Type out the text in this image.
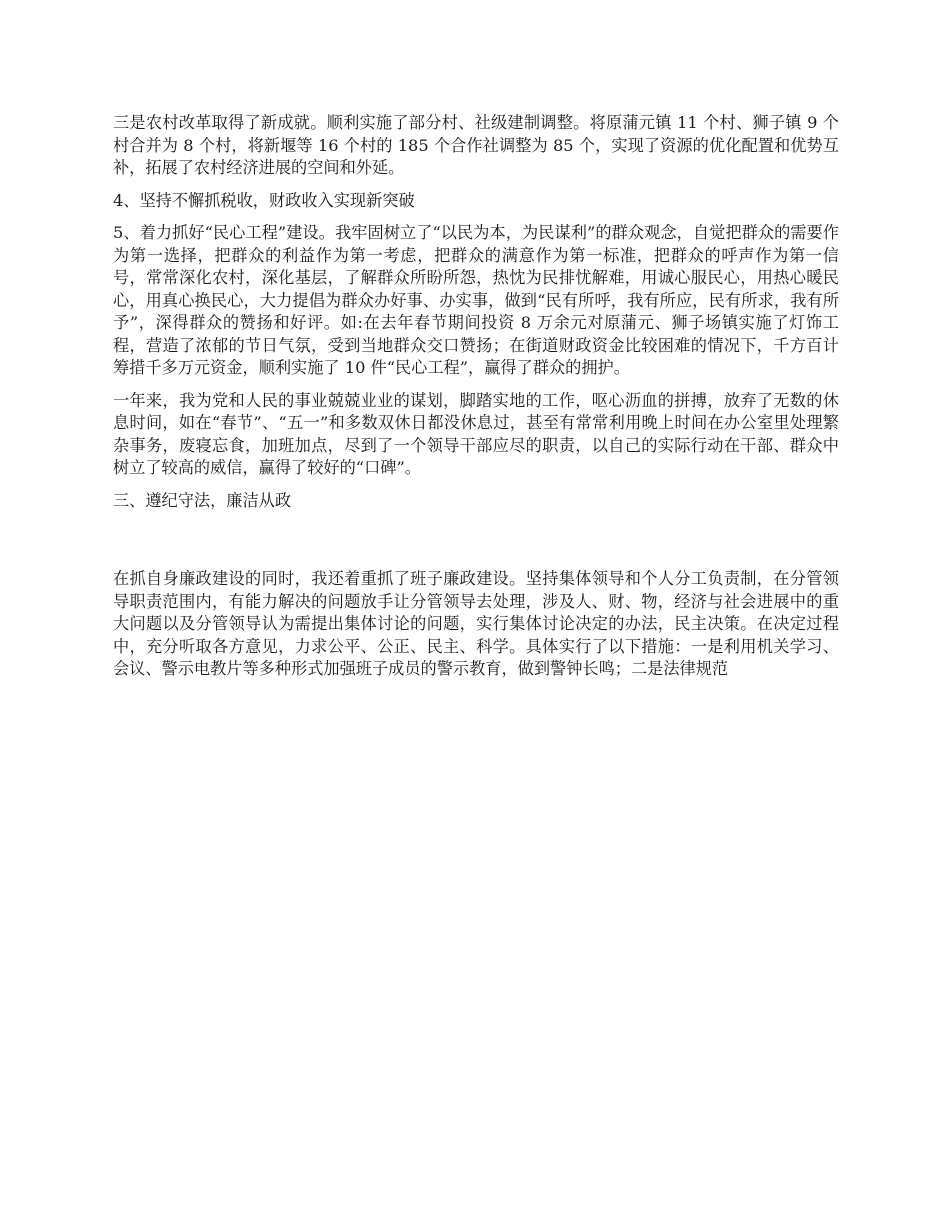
三是农村改革取得了新成就。顺利实施了部分村、社级建制调整。将原蒲元镇 11 个村、狮子镇 9 个村合并为 8 个村，将新堰等 16 个村的 185 个合作社调整为 85 个，实现了资源的优化配置和优势互补，拓展了农村经济进展的空间和外延。

4、坚持不懈抓税收，财政收入实现新突破

5、着力抓好“民心工程”建设。我牢固树立了“以民为本，为民谋利”的群众观念，自觉把群众的需要作为第一选择，把群众的利益作为第一考虑，把群众的满意作为第一标准，把群众的呼声作为第一信号，常常深化农村，深化基层，了解群众所盼所怨，热忱为民排忧解难，用诚心服民心，用热心暖民心，用真心换民心，大力提倡为群众办好事、办实事，做到“民有所呼，我有所应，民有所求，我有所予”，深得群众的赞扬和好评。如:在去年春节期间投资 8 万余元对原蒲元、狮子场镇实施了灯饰工程，营造了浓郁的节日气氛，受到当地群众交口赞扬；在街道财政资金比较困难的情况下，千方百计筹措千多万元资金，顺利实施了 10 件“民心工程”，赢得了群众的拥护。

一年来，我为党和人民的事业兢兢业业的谋划，脚踏实地的工作，呕心沥血的拼搏，放弃了无数的休息时间，如在“春节”、“五一”和多数双休日都没休息过，甚至有常常利用晚上时间在办公室里处理繁杂事务，废寝忘食，加班加点，尽到了一个领导干部应尽的职责，以自己的实际行动在干部、群众中树立了较高的威信，赢得了较好的“口碑”。

三、遵纪守法，廉洁从政

在抓自身廉政建设的同时，我还着重抓了班子廉政建设。坚持集体领导和个人分工负责制，在分管领导职责范围内，有能力解决的问题放手让分管领导去处理，涉及人、财、物，经济与社会进展中的重大问题以及分管领导认为需提出集体讨论的问题，实行集体讨论决定的办法，民主决策。在决定过程中，充分听取各方意见，力求公平、公正、民主、科学。具体实行了以下措施：一是利用机关学习、会议、警示电教片等多种形式加强班子成员的警示教育，做到警钟长鸣；二是法律规范
